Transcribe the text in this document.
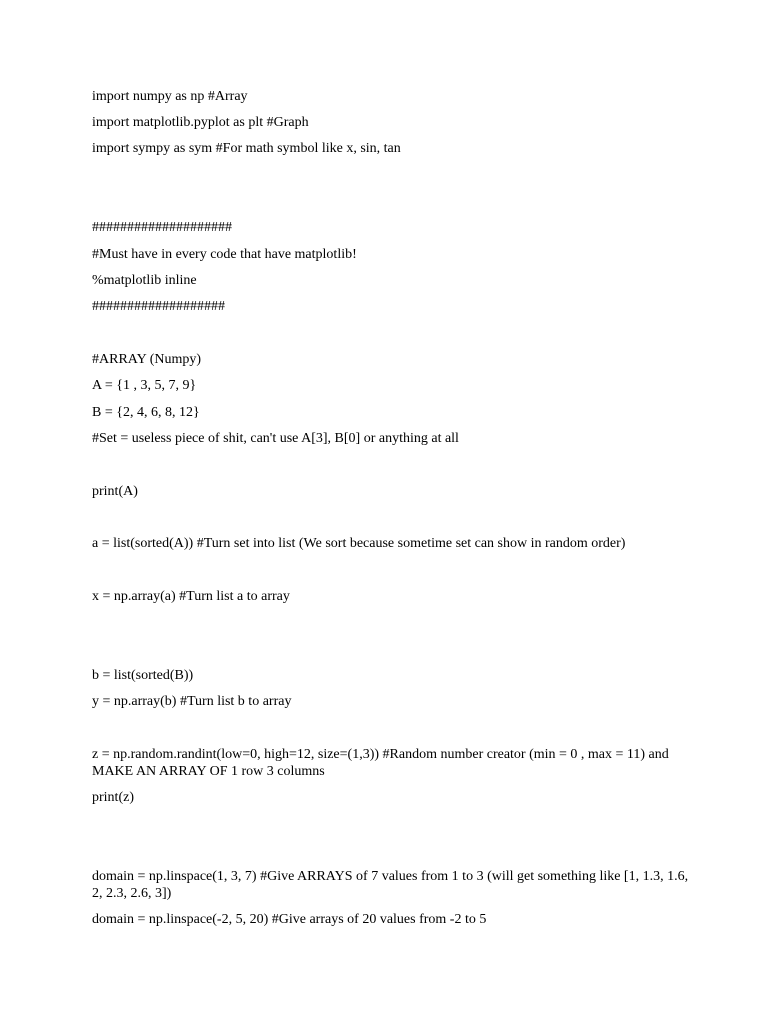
import numpy as np #Array
import matplotlib.pyplot as plt #Graph
import sympy as sym #For math symbol like x, sin, tan
####################
#Must have in every code that have matplotlib!
%matplotlib inline
###################
#ARRAY (Numpy)
A = {1 , 3, 5, 7, 9}
B = {2, 4, 6, 8, 12}
#Set = useless piece of shit, can't use A[3], B[0] or anything at all
print(A)
a = list(sorted(A)) #Turn set into list (We sort because sometime set can show in random order)
x = np.array(a) #Turn list a to array
b = list(sorted(B))
y = np.array(b) #Turn list b to array
z = np.random.randint(low=0, high=12, size=(1,3)) #Random number creator (min = 0 , max = 11) and MAKE AN ARRAY OF 1 row 3 columns
print(z)
domain = np.linspace(1, 3, 7) #Give ARRAYS of 7 values from 1 to 3 (will get something like [1, 1.3, 1.6, 2, 2.3, 2.6, 3])
domain = np.linspace(-2, 5, 20) #Give arrays of 20 values from -2 to 5
